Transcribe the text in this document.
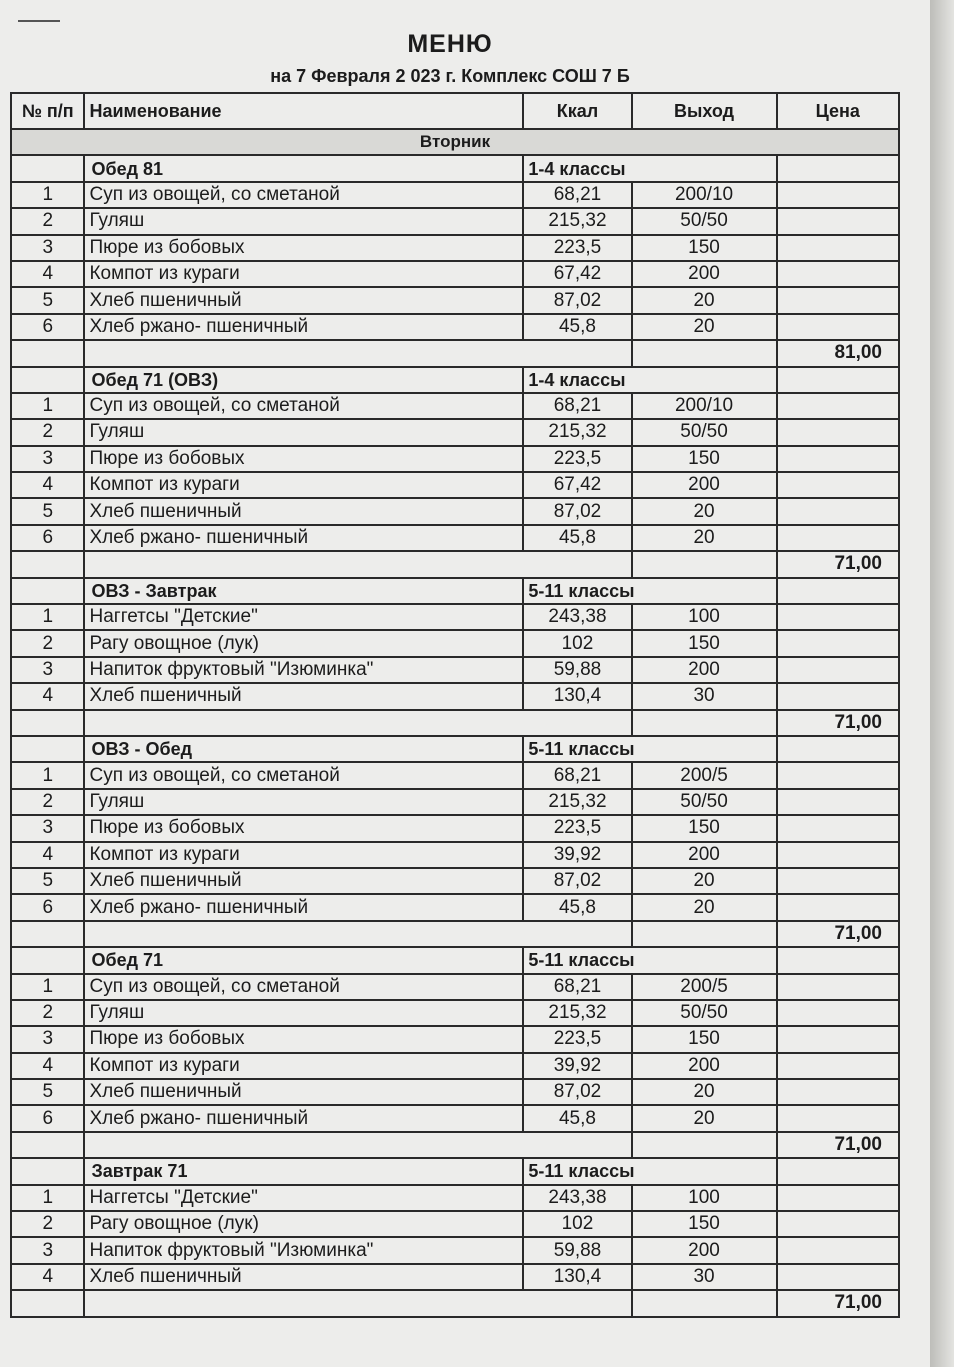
МЕНЮ
на 7 Февраля 2 023 г. Комплекс СОШ 7 Б
№ п/п	Наименование	Ккал	Выход	Цена
Вторник				
	Обед 81	1-4 классы		
1	Суп из овощей, со сметаной	68,21	200/10	
2	Гуляш	215,32	50/50	
3	Пюре из бобовых	223,5	150	
4	Компот из кураги	67,42	200	
5	Хлеб пшеничный	87,02	20	
6	Хлеб ржано- пшеничный	45,8	20	
				81,00
	Обед 71 (ОВЗ)	1-4 классы		
1	Суп из овощей, со сметаной	68,21	200/10	
2	Гуляш	215,32	50/50	
3	Пюре из бобовых	223,5	150	
4	Компот из кураги	67,42	200	
5	Хлеб пшеничный	87,02	20	
6	Хлеб ржано- пшеничный	45,8	20	
				71,00
	ОВЗ - Завтрак	5-11 классы		
1	Наггетсы "Детские"	243,38	100	
2	Рагу овощное (лук)	102	150	
3	Напиток фруктовый "Изюминка"	59,88	200	
4	Хлеб пшеничный	130,4	30	
				71,00
	ОВЗ - Обед	5-11 классы		
1	Суп из овощей, со сметаной	68,21	200/5	
2	Гуляш	215,32	50/50	
3	Пюре из бобовых	223,5	150	
4	Компот из кураги	39,92	200	
5	Хлеб пшеничный	87,02	20	
6	Хлеб ржано- пшеничный	45,8	20	
				71,00
	Обед 71	5-11 классы		
1	Суп из овощей, со сметаной	68,21	200/5	
2	Гуляш	215,32	50/50	
3	Пюре из бобовых	223,5	150	
4	Компот из кураги	39,92	200	
5	Хлеб пшеничный	87,02	20	
6	Хлеб ржано- пшеничный	45,8	20	
				71,00
	Завтрак 71	5-11 классы		
1	Наггетсы "Детские"	243,38	100	
2	Рагу овощное (лук)	102	150	
3	Напиток фруктовый "Изюминка"	59,88	200	
4	Хлеб пшеничный	130,4	30	
				71,00
